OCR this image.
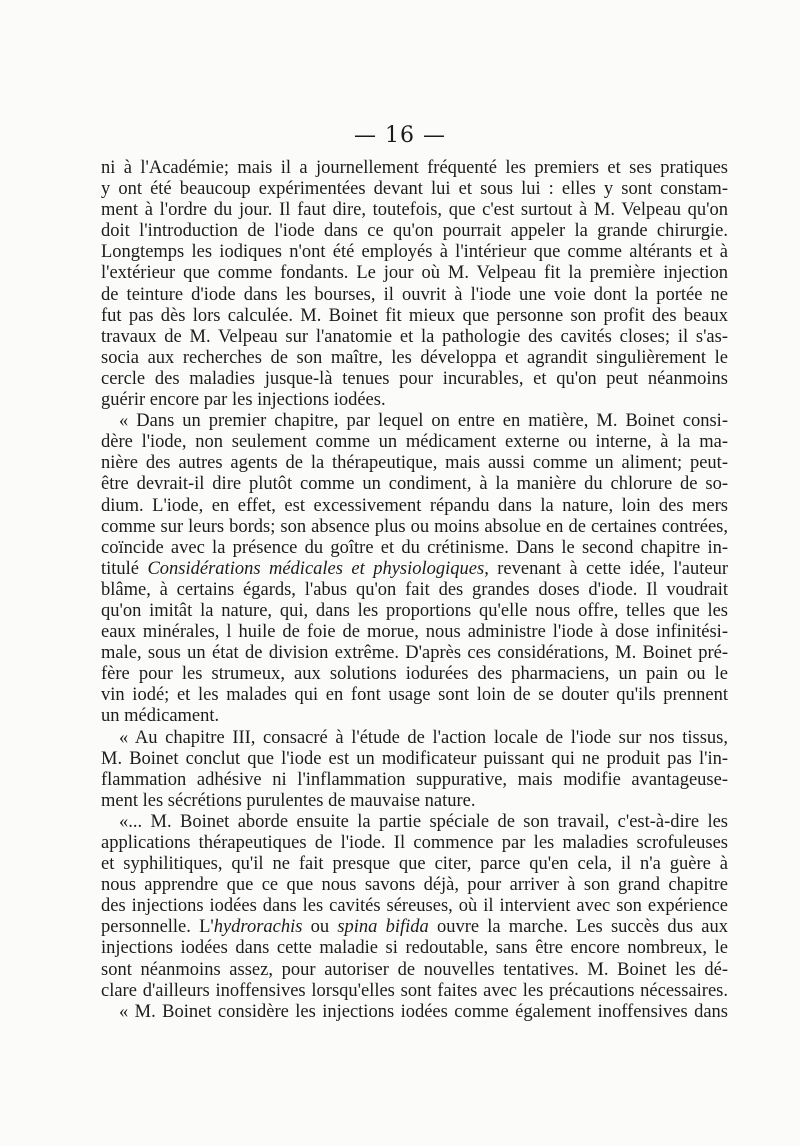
— 16 —
ni à l'Académie; mais il a journellement fréquenté les premiers et ses pratiques
y ont été beaucoup expérimentées devant lui et sous lui : elles y sont constam-
ment à l'ordre du jour. Il faut dire, toutefois, que c'est surtout à M. Velpeau qu'on
doit l'introduction de l'iode dans ce qu'on pourrait appeler la grande chirurgie.
Longtemps les iodiques n'ont été employés à l'intérieur que comme altérants et à
l'extérieur que comme fondants. Le jour où M. Velpeau fit la première injection
de teinture d'iode dans les bourses, il ouvrit à l'iode une voie dont la portée ne
fut pas dès lors calculée. M. Boinet fit mieux que personne son profit des beaux
travaux de M. Velpeau sur l'anatomie et la pathologie des cavités closes; il s'as-
socia aux recherches de son maître, les développa et agrandit singulièrement le
cercle des maladies jusque-là tenues pour incurables, et qu'on peut néanmoins
guérir encore par les injections iodées.
« Dans un premier chapitre, par lequel on entre en matière, M. Boinet consi-
dère l'iode, non seulement comme un médicament externe ou interne, à la ma-
nière des autres agents de la thérapeutique, mais aussi comme un aliment; peut-
être devrait-il dire plutôt comme un condiment, à la manière du chlorure de so-
dium. L'iode, en effet, est excessivement répandu dans la nature, loin des mers
comme sur leurs bords; son absence plus ou moins absolue en de certaines contrées,
coïncide avec la présence du goître et du crétinisme. Dans le second chapitre in-
titulé Considérations médicales et physiologiques, revenant à cette idée, l'auteur
blâme, à certains égards, l'abus qu'on fait des grandes doses d'iode. Il voudrait
qu'on imitât la nature, qui, dans les proportions qu'elle nous offre, telles que les
eaux minérales, l huile de foie de morue, nous administre l'iode à dose infinitési-
male, sous un état de division extrême. D'après ces considérations, M. Boinet pré-
fère pour les strumeux, aux solutions iodurées des pharmaciens, un pain ou le
vin iodé; et les malades qui en font usage sont loin de se douter qu'ils prennent
un médicament.
« Au chapitre III, consacré à l'étude de l'action locale de l'iode sur nos tissus,
M. Boinet conclut que l'iode est un modificateur puissant qui ne produit pas l'in-
flammation adhésive ni l'inflammation suppurative, mais modifie avantageuse-
ment les sécrétions purulentes de mauvaise nature.
«... M. Boinet aborde ensuite la partie spéciale de son travail, c'est-à-dire les
applications thérapeutiques de l'iode. Il commence par les maladies scrofuleuses
et syphilitiques, qu'il ne fait presque que citer, parce qu'en cela, il n'a guère à
nous apprendre que ce que nous savons déjà, pour arriver à son grand chapitre
des injections iodées dans les cavités séreuses, où il intervient avec son expérience
personnelle. L'hydrorachis ou spina bifida ouvre la marche. Les succès dus aux
injections iodées dans cette maladie si redoutable, sans être encore nombreux, le
sont néanmoins assez, pour autoriser de nouvelles tentatives. M. Boinet les dé-
clare d'ailleurs inoffensives lorsqu'elles sont faites avec les précautions nécessaires.
« M. Boinet considère les injections iodées comme également inoffensives dans
